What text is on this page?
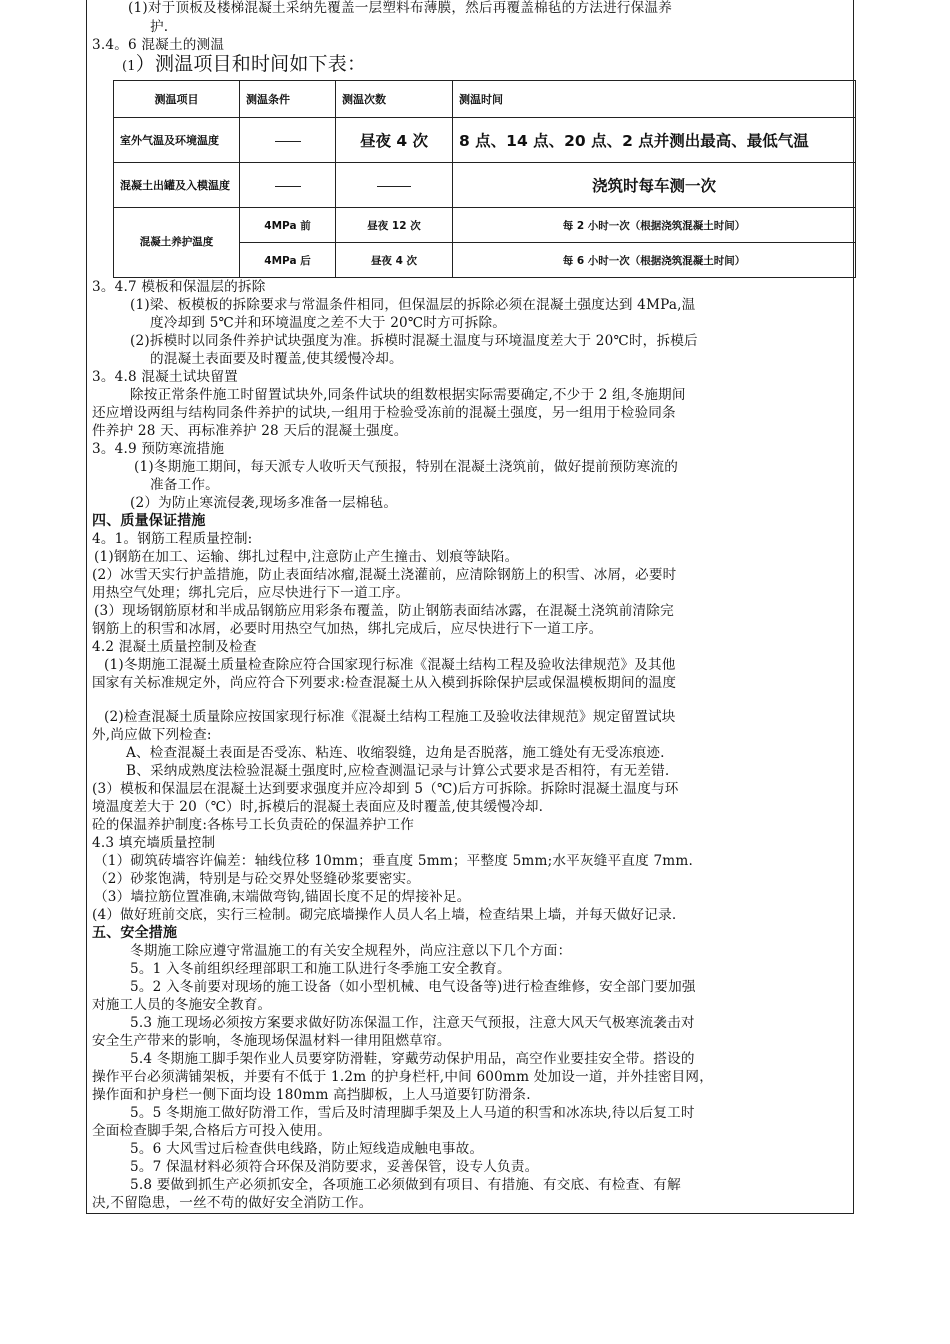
(1)对于顶板及楼梯混凝土采纳先覆盖一层塑料布薄膜，然后再覆盖棉毡的方法进行保温养
护.
3.4。6 混凝土的测温
(1）测温项目和时间如下表：
测温项目	测温条件	测温次数	测温时间
室外气温及环境温度		昼夜 4 次	8 点、14 点、20 点、2 点并测出最高、最低气温
混凝土出罐及入模温度			浇筑时每车测一次
混凝土养护温度	4MPa 前	昼夜 12 次	每 2 小时一次（根据浇筑混凝土时间）
	4MPa 后	昼夜 4 次	每 6 小时一次（根据浇筑混凝土时间）
3。4.7 模板和保温层的拆除
(1)梁、板模板的拆除要求与常温条件相同，但保温层的拆除必须在混凝土强度达到 4MPa,温
度冷却到 5℃并和环境温度之差不大于 20℃时方可拆除。
(2)拆模时以同条件养护试块强度为准。拆模时混凝土温度与环境温度差大于 20℃时，拆模后
的混凝土表面要及时覆盖,使其缓慢冷却。
3。4.8 混凝土试块留置
除按正常条件施工时留置试块外,同条件试块的组数根据实际需要确定,不少于 2 组,冬施期间
还应增设两组与结构同条件养护的试块,一组用于检验受冻前的混凝土强度，另一组用于检验同条
件养护 28 天、再标准养护 28 天后的混凝土强度。
3。4.9 预防寒流措施
(1)冬期施工期间，每天派专人收听天气预报，特别在混凝土浇筑前，做好提前预防寒流的
准备工作。
(2）为防止寒流侵袭,现场多准备一层棉毡。
四、质量保证措施
4。1。钢筋工程质量控制:
(1)钢筋在加工、运输、绑扎过程中,注意防止产生撞击、划痕等缺陷。
(2）冰雪天实行护盖措施，防止表面结冰瘤,混凝土浇灌前，应清除钢筋上的积雪、冰屑，必要时
用热空气处理；绑扎完后，应尽快进行下一道工序。
(3）现场钢筋原材和半成品钢筋应用彩条布覆盖，防止钢筋表面结冰露，在混凝土浇筑前清除完
钢筋上的积雪和冰屑，必要时用热空气加热，绑扎完成后，应尽快进行下一道工序。
4.2 混凝土质量控制及检查
(1)冬期施工混凝土质量检查除应符合国家现行标准《混凝土结构工程及验收法律规范》及其他
国家有关标准规定外，尚应符合下列要求:检查混凝土从入模到拆除保护层或保温模板期间的温度
(2)检查混凝土质量除应按国家现行标准《混凝土结构工程施工及验收法律规范》规定留置试块
外,尚应做下列检查:
A、检查混凝土表面是否受冻、粘连、收缩裂缝，边角是否脱落，施工缝处有无受冻痕迹.
B、采纳成熟度法检验混凝土强度时,应检查测温记录与计算公式要求是否相符，有无差错.
(3）模板和保温层在混凝土达到要求强度并应冷却到 5（℃)后方可拆除。拆除时混凝土温度与环
境温度差大于 20（℃）时,拆模后的混凝土表面应及时覆盖,使其缓慢冷却.
砼的保温养护制度:各栋号工长负责砼的保温养护工作
4.3 填充墙质量控制
（1）砌筑砖墙容许偏差：轴线位移 10mm；垂直度 5mm；平整度 5mm;水平灰缝平直度 7mm.
（2）砂浆饱满，特别是与砼交界处竖缝砂浆要密实。
（3）墙拉筋位置准确,末端做弯钩,锚固长度不足的焊接补足。
(4）做好班前交底，实行三检制。砌完底墙操作人员人名上墙，检查结果上墙，并每天做好记录.
五、安全措施
冬期施工除应遵守常温施工的有关安全规程外，尚应注意以下几个方面：
5。1 入冬前组织经理部职工和施工队进行冬季施工安全教育。
5。2 入冬前要对现场的施工设备（如小型机械、电气设备等)进行检查维修，安全部门要加强
对施工人员的冬施安全教育。
5.3 施工现场必须按方案要求做好防冻保温工作，注意天气预报，注意大风天气极寒流袭击对
安全生产带来的影响，冬施现场保温材料一律用阻燃草帘。
5.4 冬期施工脚手架作业人员要穿防滑鞋，穿戴劳动保护用品，高空作业要挂安全带。搭设的
操作平台必须满铺架板，并要有不低于 1.2m 的护身栏杆,中间 600mm 处加设一道，并外挂密目网，
操作面和护身栏一侧下面均设 180mm 高挡脚板，上人马道要钉防滑条.
5。5 冬期施工做好防滑工作，雪后及时清理脚手架及上人马道的积雪和冰冻块,待以后复工时
全面检查脚手架,合格后方可投入使用。
5。6 大风雪过后检查供电线路，防止短线造成触电事故。
5。7 保温材料必须符合环保及消防要求，妥善保管，设专人负责。
5.8 要做到抓生产必须抓安全，各项施工必须做到有项目、有措施、有交底、有检查、有解
决,不留隐患，一丝不苟的做好安全消防工作。
